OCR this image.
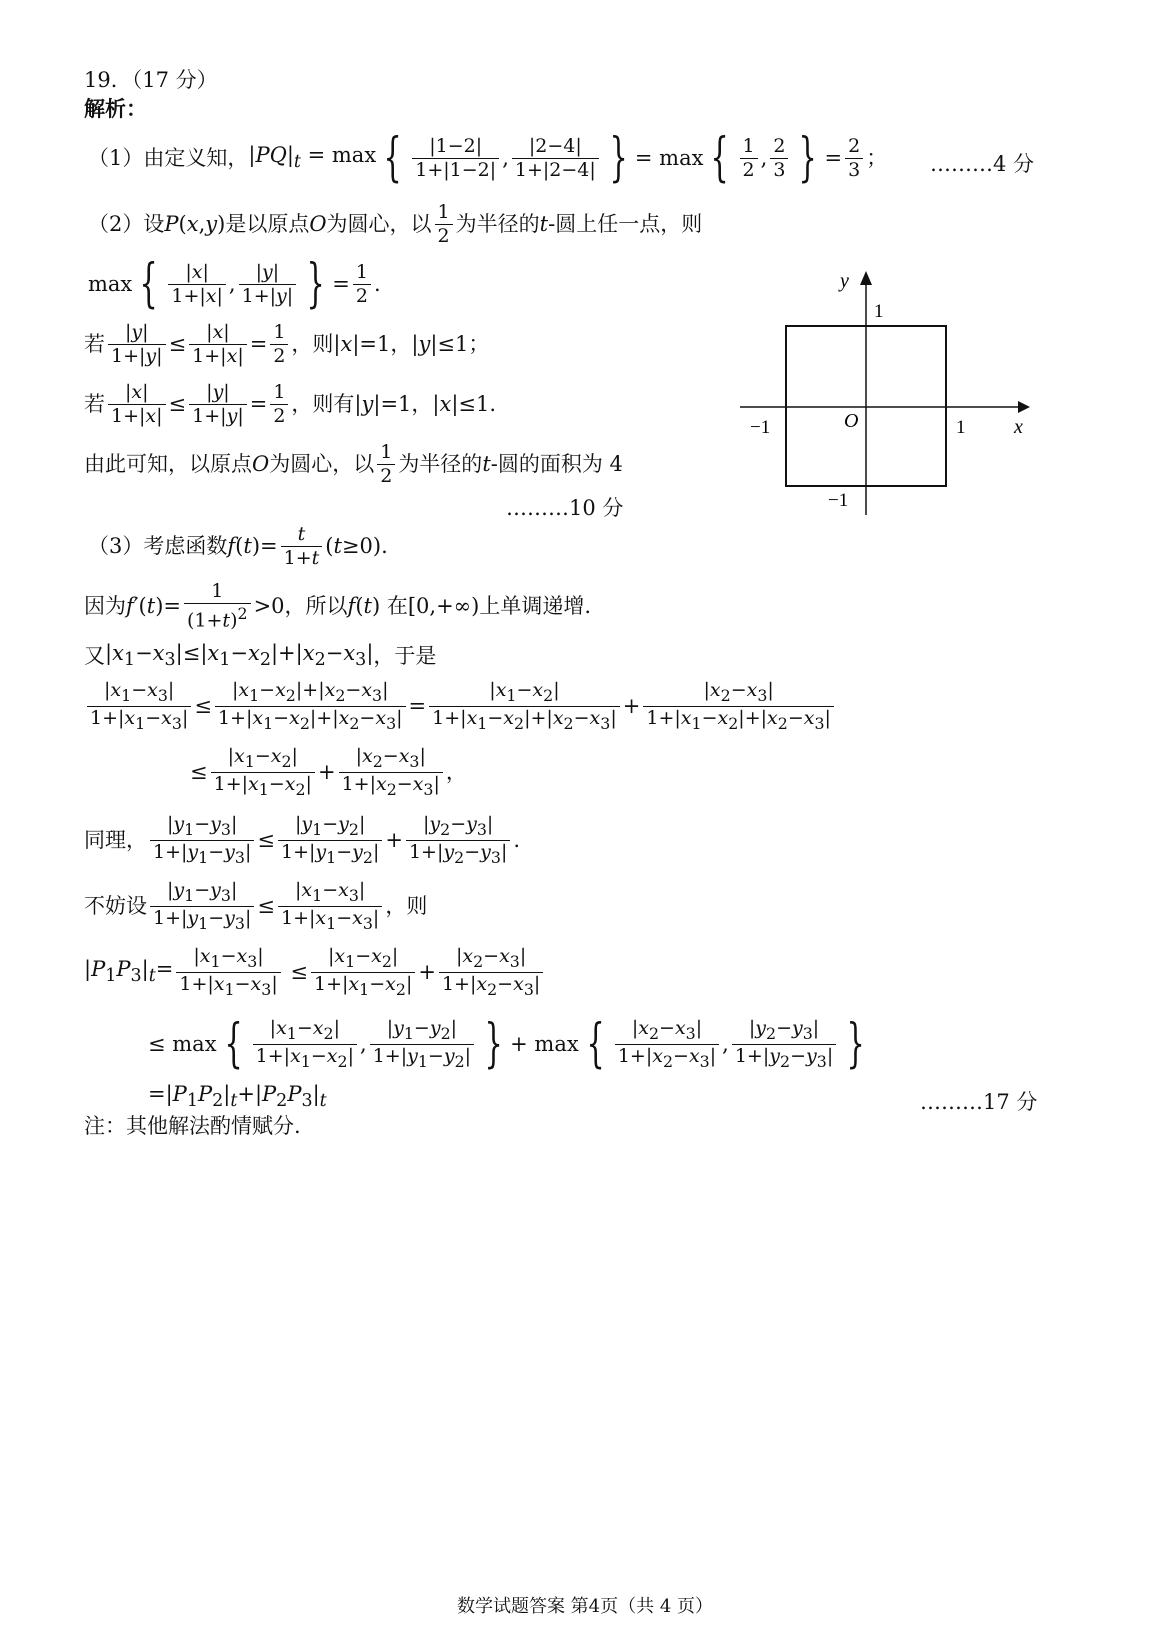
19．（17 分）
解析：
（1）由定义知， $|PQ|_t = \max$ { |1−2|
1+|1−2| , |2−4|
1+|2−4| } = max { 1
2 , 2
3 } = $\frac{2}{3}$ ； ………4 分
（2）设 P (x,y) 是以原点 O 为圆心，以 1
2 为半径的 t -圆上任一点，则
max { |x|
1+|x| , |y|
1+|y| } = $\frac{1}{2}$ .
若 |y|
1+|y| ≤ |x|
1+|x| = 1
2 ，则 |x|=1 ， |y|≤1；
若 |x|
1+|x| ≤ |y|
1+|y| = 1
2 ，则有 |y|=1，|x|≤1.
由此可知，以原点 O 为圆心，以 1
2 为半径的 t -圆的面积为 4
………10 分
y
x
O
1
−1	1
−1
（3）考虑函数 $f(t)= \frac{t}{1+t} (t\ge 0)$.
因为 $f'(t)= \frac{1}{(1+t)^2} >0$ ，所以 f(t) 在[0,+∞) 上单调递增.
又 $|x_1-x_3|\le|x_1-x_2|+|x_2-x_3|$ ，于是
$|x_1-x_3|$
$1+|x_1-x_3|$ ≤
$|x_1-x_2|+|x_2-x_3|$
$1+|x_1-x_2|+|x_2-x_3|$ =
$|x_1-x_2|$
$1+|x_1-x_2|+|x_2-x_3|$ +
$|x_2-x_3|$
$1+|x_1-x_2|+|x_2-x_3|$
≤ $\frac{|x_1-x_2|}{1+|x_1-x_2|}$ +
$|x_2-x_3|$
$1+|x_2-x_3|$ ，
同理，
$|y_1-y_3|$
$1+|y_1-y_3|$ ≤
$|y_1-y_2|$
$1+|y_1-y_2|$ +
$|y_2-y_3|$
$1+|y_2-y_3|$ .
不妨设
$|y_1-y_3|$
$1+|y_1-y_3|$ ≤
$|x_1-x_3|$
$1+|x_1-x_3|$ ，则
$|P_1P_3|_t= \frac{|x_1-x_3|}{1+|x_1-x_3|} \le \frac{|x_1-x_2|}{1+|x_1-x_2|}$ +
$|x_2-x_3|$
$1+|x_2-x_3|$
≤ max { $|x_1-x_2|$
$1+|x_1-x_2|$ ,
$|y_1-y_2|$
$1+|y_1-y_2|$ } + max { $|x_2-x_3|$
$1+|x_2-x_3|$ ,
$|y_2-y_3|$
$1+|y_2-y_3|$ }
$=|P_1P_2|_t+|P_2P_3|_t$	………17 分
注：其他解法酌情赋分.
数学试题答案 第4页（共 4 页）
